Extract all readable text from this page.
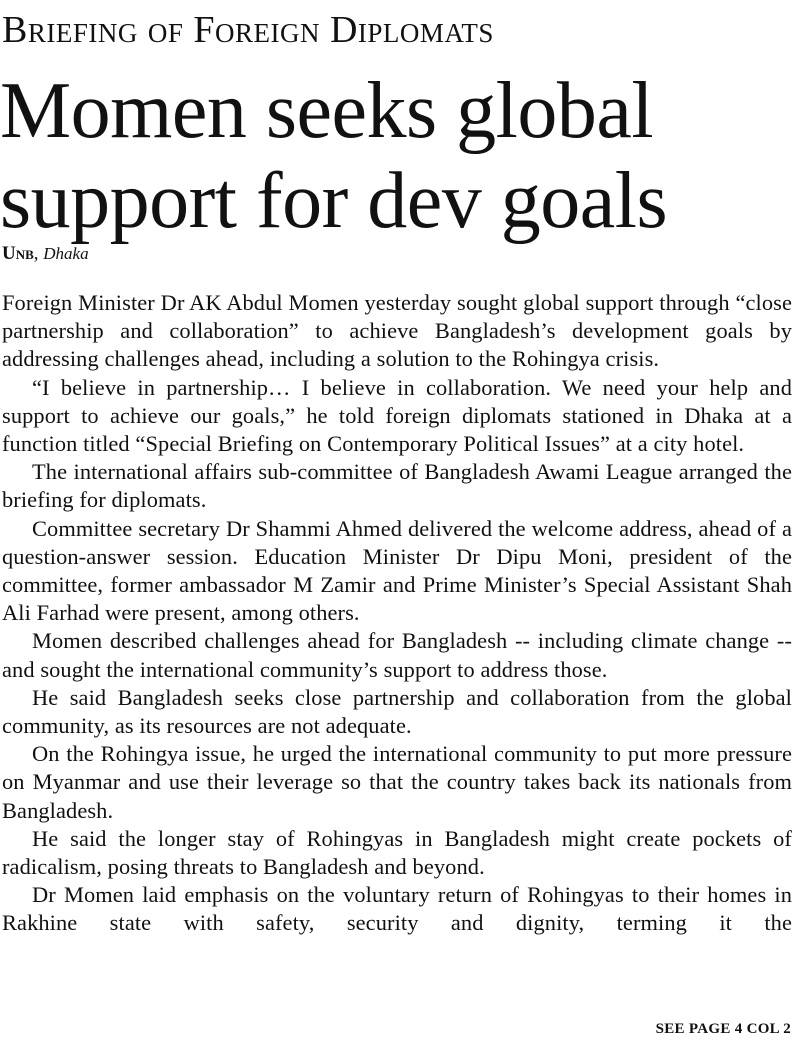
Briefing of Foreign Diplomats
Momen seeks global
support for dev goals
Unb, Dhaka

Foreign Minister Dr AK Abdul Momen yesterday sought global support through “close partnership and collaboration” to achieve Bangladesh’s development goals by addressing challenges ahead, including a solution to the Rohingya crisis.

“I believe in partnership… I believe in collaboration. We need your help and support to achieve our goals,” he told foreign diplomats stationed in Dhaka at a function titled “Special Briefing on Contemporary Political Issues” at a city hotel.

The international affairs sub-committee of Bangladesh Awami League arranged the briefing for diplomats.

Committee secretary Dr Shammi Ahmed delivered the welcome address, ahead of a question-answer session. Education Minister Dr Dipu Moni, president of the committee, former ambassador M Zamir and Prime Minister’s Special Assistant Shah Ali Farhad were present, among others.

Momen described challenges ahead for Bangladesh -- including climate change -- and sought the international community’s support to address those.

He said Bangladesh seeks close partnership and collaboration from the global community, as its resources are not adequate.

On the Rohingya issue, he urged the international community to put more pressure on Myanmar and use their leverage so that the country takes back its nationals from Bangladesh.

He said the longer stay of Rohingyas in Bangladesh might create pockets of radicalism, posing threats to Bangladesh and beyond.

Dr Momen laid emphasis on the voluntary return of Rohingyas to their homes in Rakhine state with safety, security and dignity, terming it the

SEE PAGE 4 COL 2
